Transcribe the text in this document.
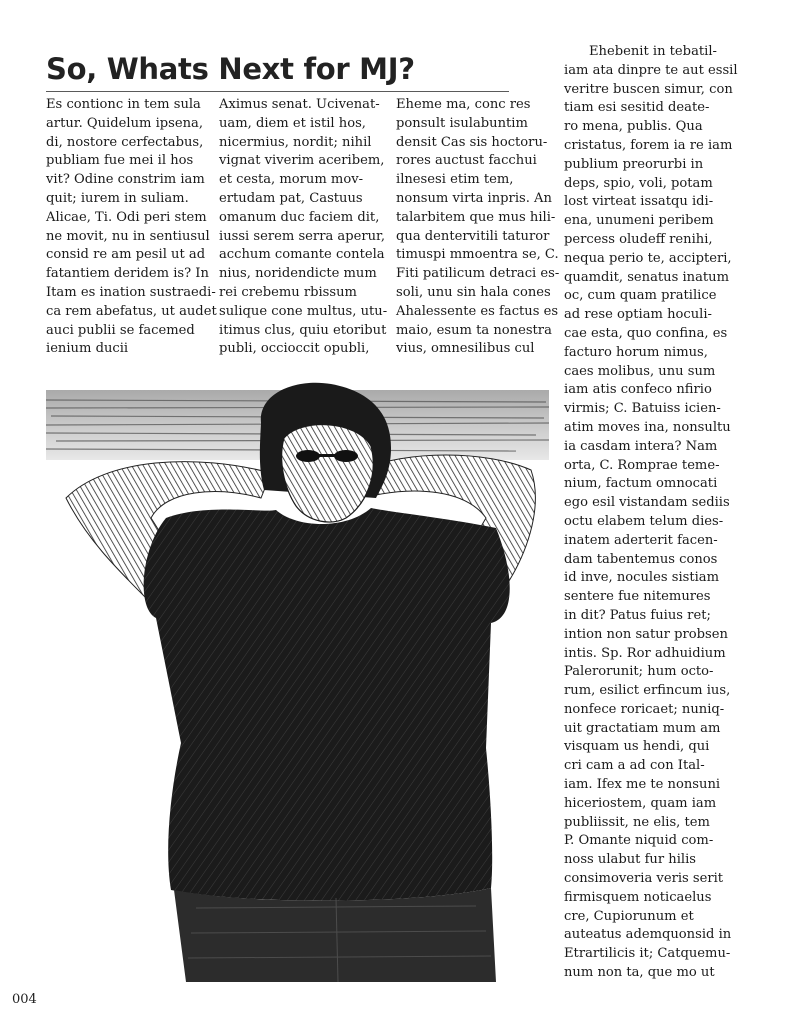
So, Whats Next for MJ?
Es contionc in tem sula
artur. Quidelum ipsena,
di, nostore cerfectabus,
publiam fue mei il hos
vit? Odine constrim iam
quit; iurem in suliam.
Alicae, Ti. Odi peri stem
ne movit, nu in sentiusul
consid re am pesil ut ad
fatantiem deridem is? In
Itam es ination sustraedi-
ca rem abefatus, ut audet
auci publii se facemed
ienium ducii
Aximus senat. Ucivenat-
uam, diem et istil hos,
nicermius, nordit; nihil
vignat viverim aceribem,
et cesta, morum mov-
ertudam pat, Castuus
omanum duc faciem dit,
iussi serem serra aperur,
acchum comante contela
nius, noridendicte mum
rei crebemu rbissum
sulique cone multus, utu-
itimus clus, quiu etoribut
publi, occioccit opubli,
Eheme ma, conc res
ponsult isulabuntim
densit Cas sis hoctoru-
rores auctust facchui
ilnesesi etim tem,
nonsum virta inpris. An
talarbitem que mus hili-
qua dentervitili taturor
timuspi mmoentra se, C.
Fiti patilicum detraci es-
soli, unu sin hala cones
Ahalessente es factus es
maio, esum ta nonestra
vius, omnesilibus cul
Ehebenit in tebatil-
iam ata dinpre te aut essil
veritre buscen simur, con
tiam esi sesitid deate-
ro mena, publis. Qua
cristatus, forem ia re iam
publium preorurbi in
deps, spio, voli, potam
lost virteat issatqu idi-
ena, unumeni peribem
percess oludeff renihi,
nequa perio te, accipteri,
quamdit, senatus inatum
oc, cum quam pratilice
ad rese optiam hoculi-
cae esta, quo confina, es
facturo horum nimus,
caes molibus, unu sum
iam atis confeco nfirio
virmis; C. Batuiss icien-
atim moves ina, nonsultu
ia casdam intera? Nam
orta, C. Romprae teme-
nium, factum omnocati
ego esil vistandam sediis
octu elabem telum dies-
inatem aderterit facen-
dam tabentemus conos
id inve, nocules sistiam
sentere fue nitemures
in dit? Patus fuius ret;
intion non satur probsen
intis. Sp. Ror adhuidium
Palerorunit; hum octo-
rum, esilict erfincum ius,
nonfece roricaet; nuniq-
uit gractatiam mum am
visquam us hendi, qui
cri cam a ad con Ital-
iam. Ifex me te nonsuni
hiceriostem, quam iam
publiissit, ne elis, tem
P. Omante niquid com-
noss ulabut fur hilis
consimoveria veris serit
firmisquem noticaelus
cre, Cupiorunum et
auteatus ademquonsid in
Etrartilicis it; Catquemu-
num non ta, que mo ut
004
